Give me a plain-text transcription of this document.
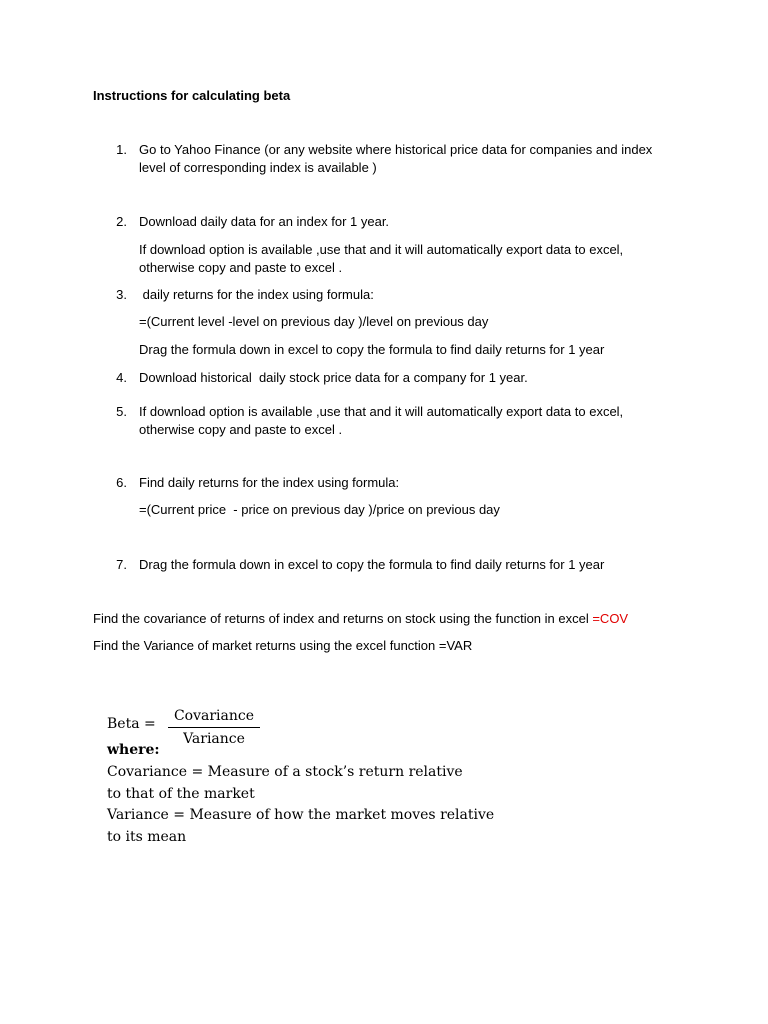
Instructions for calculating beta
1. Go to Yahoo Finance (or any website where historical price data for companies and index
level of corresponding index is available )
2. Download daily data for an index for 1 year.
If download option is available ,use that and it will automatically export data to excel,
otherwise copy and paste to excel .
3. daily returns for the index using formula:
=(Current level -level on previous day )/level on previous day
Drag the formula down in excel to copy the formula to find daily returns for 1 year
4. Download historical  daily stock price data for a company for 1 year.
5. If download option is available ,use that and it will automatically export data to excel,
otherwise copy and paste to excel .
6. Find daily returns for the index using formula:
=(Current price  - price on previous day )/price on previous day
7. Drag the formula down in excel to copy the formula to find daily returns for 1 year
Find the covariance of returns of index and returns on stock using the function in excel =COV
Find the Variance of market returns using the excel function =VAR
Beta =	Covariance
Variance
where:
Covariance = Measure of a stock’s return relative
to that of the market
Variance = Measure of how the market moves relative
to its mean
